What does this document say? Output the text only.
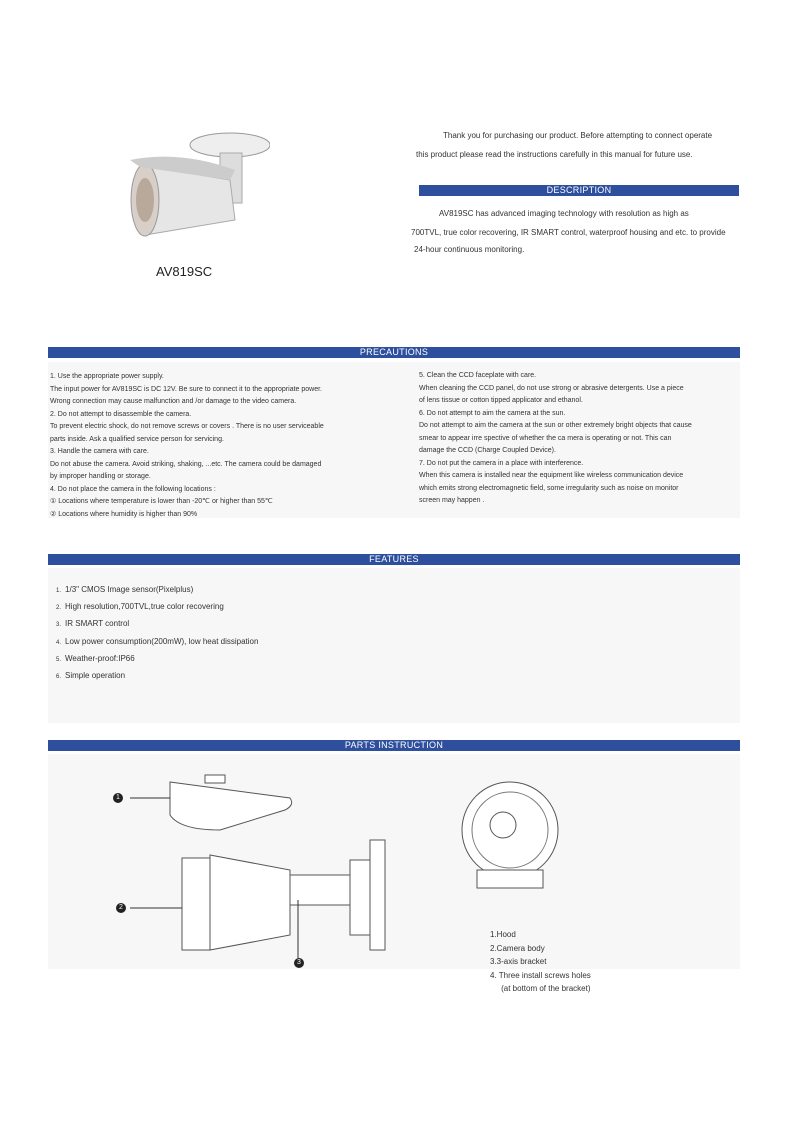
AV819SC
Thank you for purchasing our product. Before attempting to connect operate
this product please read the instructions carefully in this manual for future use.
DESCRIPTION
AV819SC has advanced imaging technology with resolution as high as
700TVL, true color recovering, IR SMART control, waterproof housing and etc. to provide
24-hour continuous monitoring.
PRECAUTIONS
1. Use the appropriate power supply.
The input power for AV819SC is DC 12V. Be sure to connect it to the appropriate power.
Wrong connection may cause malfunction and /or damage to the video camera.
2. Do not attempt to disassemble the camera.
To prevent electric shock, do not remove screws or covers . There is no user serviceable
parts inside. Ask a qualified service person for servicing.
3. Handle the camera with care.
Do not abuse the camera. Avoid striking, shaking, ...etc. The camera could be damaged
by improper handling or storage.
4. Do not place the camera in the following locations :
① Locations where temperature is lower than -20℃ or higher than 55℃
② Locations where humidity is higher than 90%
5. Clean the CCD faceplate with care.
When cleaning the CCD panel, do not use strong or abrasive detergents. Use a piece
of lens tissue or cotton tipped applicator and ethanol.
6. Do not attempt to aim the camera at the sun.
Do not attempt to aim the camera at the sun or other extremely bright objects that cause
smear to appear irre spective of whether the ca mera is operating or not. This can
damage the CCD (Charge Coupled Device).
7. Do not put the camera in a place with interference.
When this camera is installed near the equipment like wireless communication device
which emits strong electromagnetic field, some irregularity such as noise on monitor
screen may happen .
FEATURES
1. 1/3" CMOS Image sensor(Pixelplus)
2. High resolution,700TVL,true color recovering
3. IR SMART control
4. Low power consumption(200mW), low heat dissipation
5. Weather-proof:IP66
6. Simple operation
PARTS INSTRUCTION
1
2
3
1.Hood
2.Camera body
3.3-axis bracket
4. Three install screws holes
(at bottom of the bracket)
